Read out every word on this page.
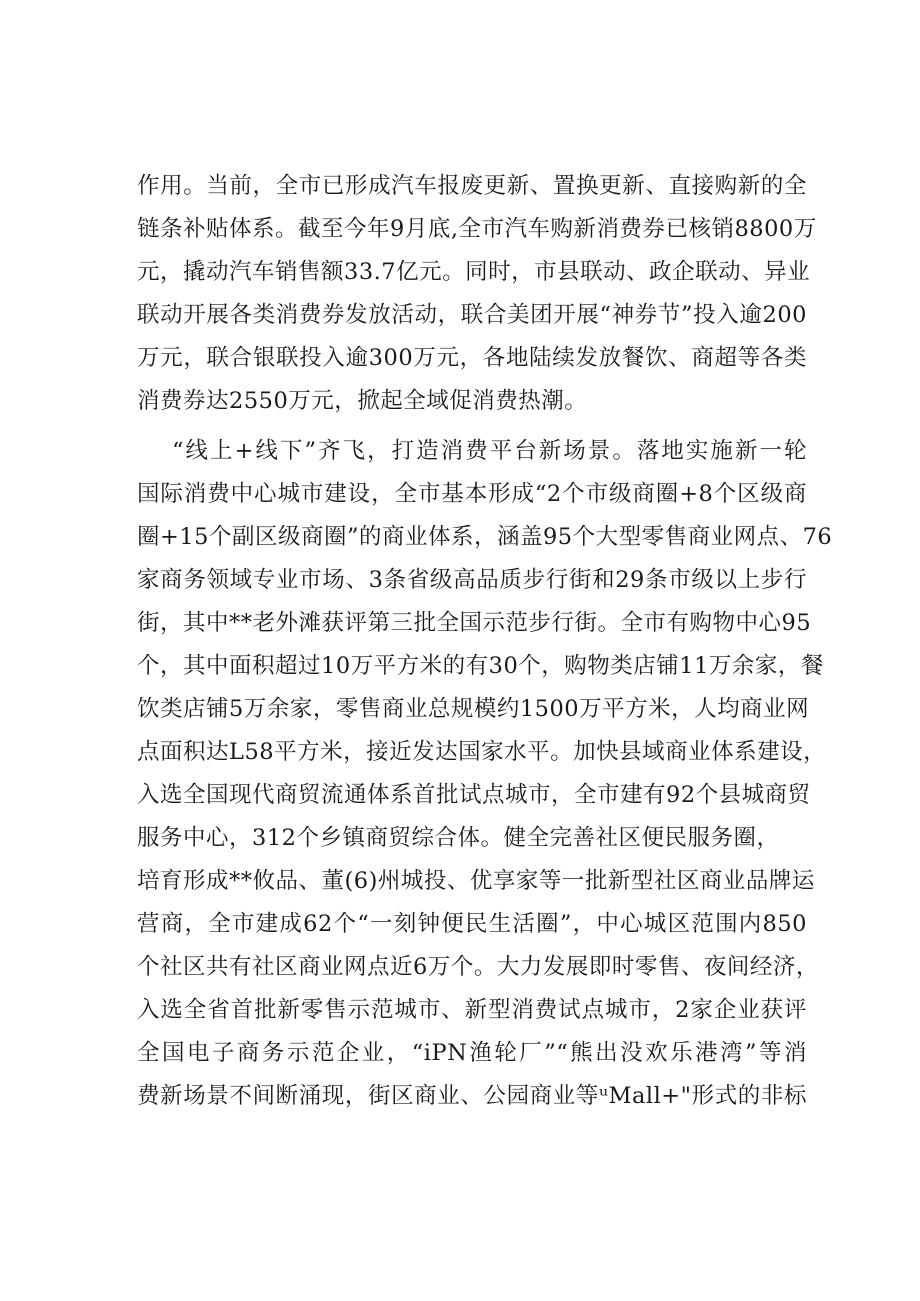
作用。当前，全市已形成汽车报废更新、置换更新、直接购新的全
链条补贴体系。截至今年9月底,全市汽车购新消费券已核销8800万
元，撬动汽车销售额33.7亿元。同时，市县联动、政企联动、异业
联动开展各类消费券发放活动，联合美团开展“神券节”投入逾200
万元，联合银联投入逾300万元，各地陆续发放餐饮、商超等各类
消费券达2550万元，掀起全域促消费热潮。
“线上+线下”齐飞，打造消费平台新场景。落地实施新一轮
国际消费中心城市建设，全市基本形成“2个市级商圈+8个区级商
圈+15个副区级商圈”的商业体系，涵盖95个大型零售商业网点、76
家商务领域专业市场、3条省级高品质步行街和29条市级以上步行
街，其中**老外滩获评第三批全国示范步行街。全市有购物中心95
个，其中面积超过10万平方米的有30个，购物类店铺11万余家，餐
饮类店铺5万余家，零售商业总规模约1500万平方米，人均商业网
点面积达L58平方米，接近发达国家水平。加快县域商业体系建设，
入选全国现代商贸流通体系首批试点城市，全市建有92个县城商贸
服务中心，312个乡镇商贸综合体。健全完善社区便民服务圈，
培育形成**攸品、董(6)州城投、优享家等一批新型社区商业品牌运
营商，全市建成62个“一刻钟便民生活圈”，中心城区范围内850
个社区共有社区商业网点近6万个。大力发展即时零售、夜间经济，
入选全省首批新零售示范城市、新型消费试点城市，2家企业获评
全国电子商务示范企业，“iPN渔轮厂”“熊出没欢乐港湾”等消
费新场景不间断涌现，街区商业、公园商业等ᵘMall+"形式的非标
